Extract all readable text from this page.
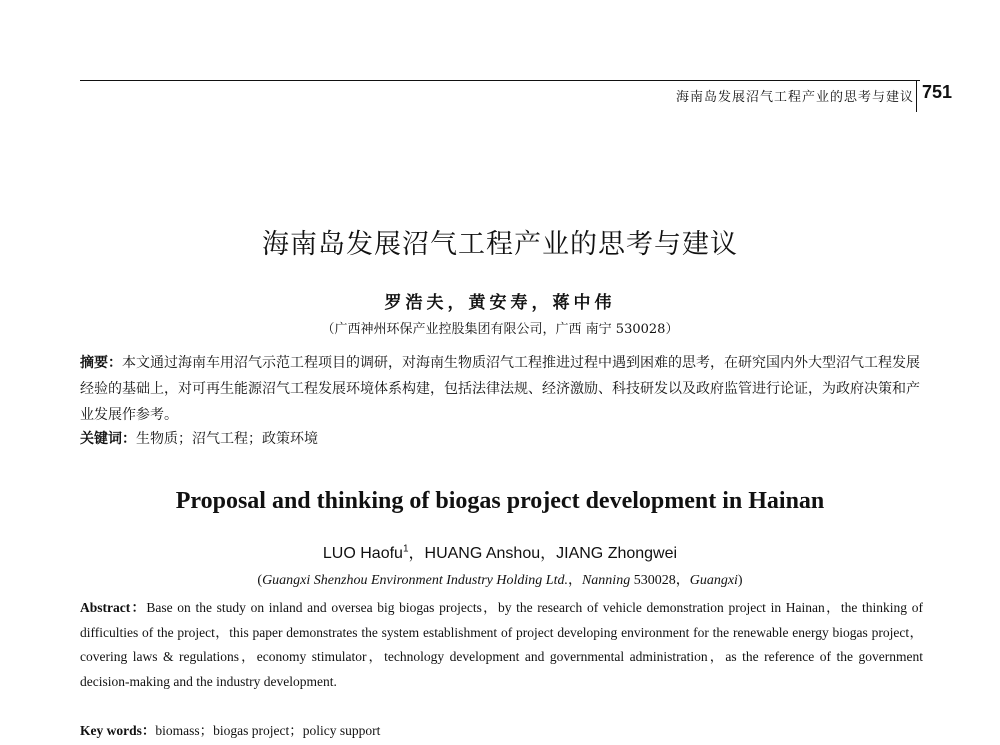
海南岛发展沼气工程产业的思考与建议 751
海南岛发展沼气工程产业的思考与建议
罗浩夫，黄安寿，蒋中伟
（广西神州环保产业控股集团有限公司，广西 南宁 530028）

摘要：本文通过海南车用沼气示范工程项目的调研，对海南生物质沼气工程推进过程中遇到困难的思考，在研究国内外大型沼气工程发展经验的基础上，对可再生能源沼气工程发展环境体系构建，包括法律法规、经济激励、科技研发以及政府监管进行论证，为政府决策和产业发展作参考。

关键词：生物质；沼气工程；政策环境

Proposal and thinking of biogas project development in Hainan
LUO Haofu$^1$，HUANG Anshou，JIANG Zhongwei
(Guangxi Shenzhou Environment Industry Holding Ltd.，Nanning 530028，Guangxi)

Abstract：Base on the study on inland and oversea big biogas projects，by the research of vehicle demonstration project in Hainan，the thinking of difficulties of the project，this paper demonstrates the system establishment of project developing environment for the renewable energy biogas project，covering laws & regulations，economy stimulator，technology development and governmental administration，as the reference of the government decision-making and the industry development.

Key words：biomass；biogas project；policy support
